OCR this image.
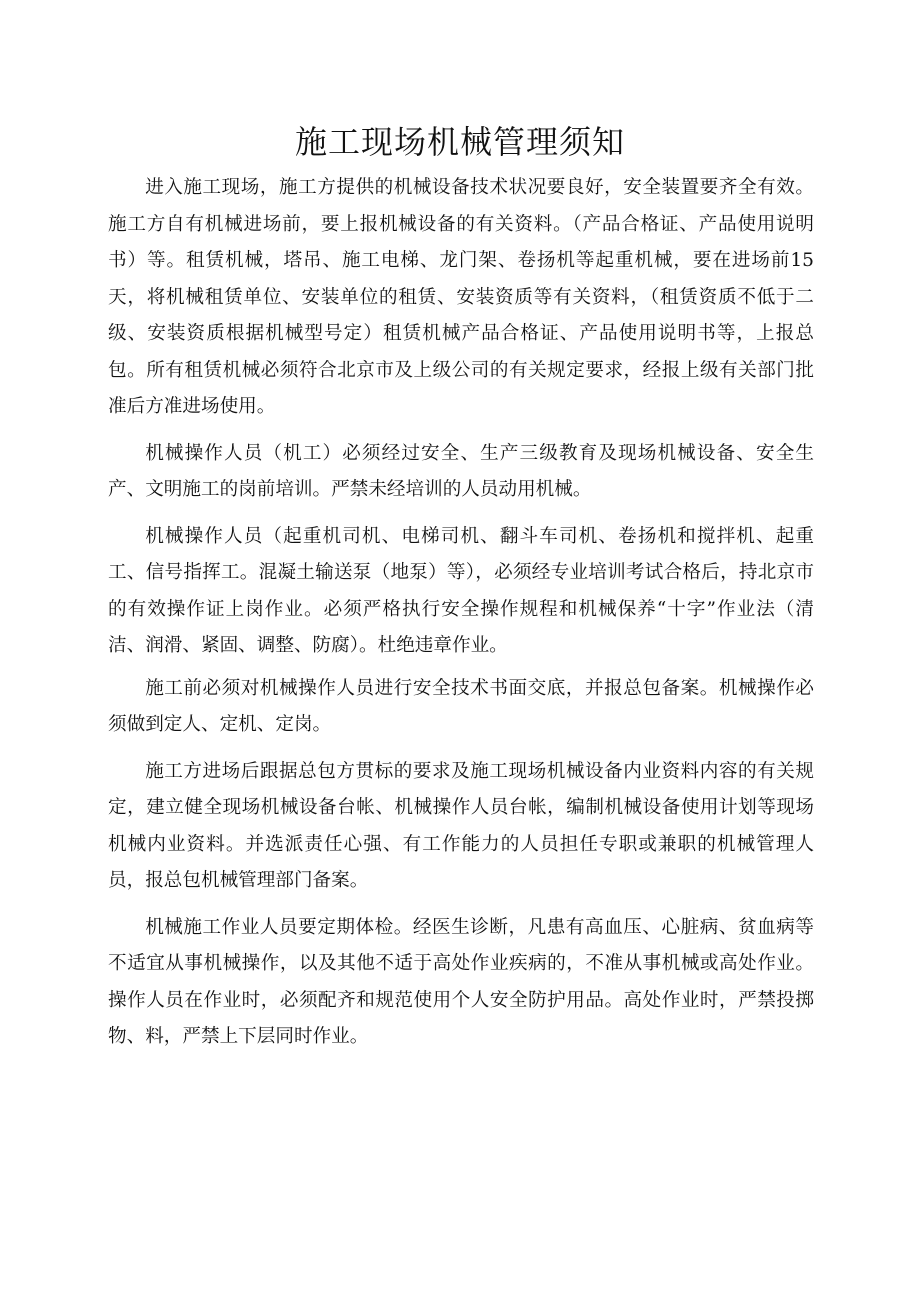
施工现场机械管理须知

进入施工现场，施工方提供的机械设备技术状况要良好，安全装置要齐全有效。施工方自有机械进场前，要上报机械设备的有关资料。（产品合格证、产品使用说明书）等。租赁机械，塔吊、施工电梯、龙门架、卷扬机等起重机械，要在进场前15天，将机械租赁单位、安装单位的租赁、安装资质等有关资料，（租赁资质不低于二级、安装资质根据机械型号定）租赁机械产品合格证、产品使用说明书等，上报总包。所有租赁机械必须符合北京市及上级公司的有关规定要求，经报上级有关部门批准后方准进场使用。

机械操作人员（机工）必须经过安全、生产三级教育及现场机械设备、安全生产、文明施工的岗前培训。严禁未经培训的人员动用机械。

机械操作人员（起重机司机、电梯司机、翻斗车司机、卷扬机和搅拌机、起重工、信号指挥工。混凝土输送泵（地泵）等），必须经专业培训考试合格后，持北京市的有效操作证上岗作业。必须严格执行安全操作规程和机械保养“十字”作业法（清洁、润滑、紧固、调整、防腐）。杜绝违章作业。

施工前必须对机械操作人员进行安全技术书面交底，并报总包备案。机械操作必须做到定人、定机、定岗。

施工方进场后跟据总包方贯标的要求及施工现场机械设备内业资料内容的有关规定，建立健全现场机械设备台帐、机械操作人员台帐，编制机械设备使用计划等现场机械内业资料。并选派责任心强、有工作能力的人员担任专职或兼职的机械管理人员，报总包机械管理部门备案。

机械施工作业人员要定期体检。经医生诊断，凡患有高血压、心脏病、贫血病等不适宜从事机械操作，以及其他不适于高处作业疾病的，不准从事机械或高处作业。操作人员在作业时，必须配齐和规范使用个人安全防护用品。高处作业时，严禁投掷物、料，严禁上下层同时作业。
